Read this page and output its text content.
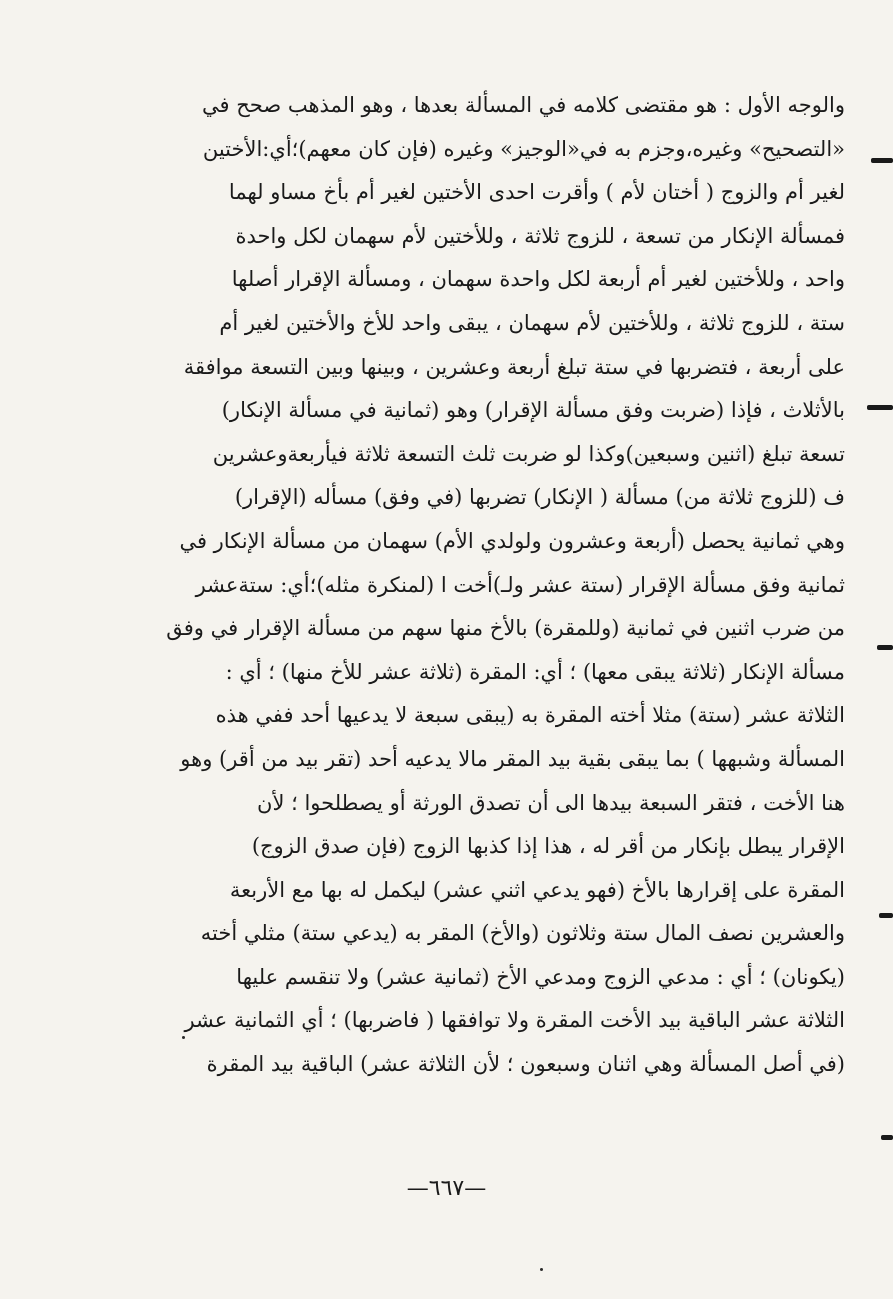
والوجه الأول : هو مقتضى كلامه في المسألة بعدها ، وهو المذهب صحح في
«التصحيح» وغيره،وجزم به في«الوجيز» وغيره (فإن كان معهم)؛أي:الأختين
لغير أم والزوج ( أختان لأم ) وأقرت احدى الأختين لغير أم بأخ مساو لهما
فمسألة الإنكار من تسعة ، للزوج ثلاثة ، وللأختين لأم سهمان لكل واحدة
واحد ، وللأختين لغير أم أربعة لكل واحدة سهمان ، ومسألة الإقرار أصلها
ستة ، للزوج ثلاثة ، وللأختين لأم سهمان ، يبقى واحد للأخ والأختين لغير أم
على أربعة ، فتضربها في ستة تبلغ أربعة وعشرين ، وبينها وبين التسعة موافقة
بالأثلاث ، فإذا (ضربت وفق مسألة الإقرار) وهو (ثمانية في مسألة الإنكار)
تسعة تبلغ (اثنين وسبعين)وكذا لو ضربت ثلث التسعة ثلاثة فيأربعةوعشرين
ف (للزوج ثلاثة من) مسألة ( الإنكار) تضربها (في وفق) مسأله (الإقرار)
وهي ثمانية يحصل (أربعة وعشرون ولولدي الأم) سهمان من مسألة الإنكار في
ثمانية وفق مسألة الإقرار (ستة عشر ولـ)أخت ا (لمنكرة مثله)؛أي: ستةعشر
من ضرب اثنين في ثمانية (وللمقرة) بالأخ منها سهم من مسألة الإقرار في وفق
مسألة الإنكار (ثلاثة يبقى معها) ؛ أي: المقرة (ثلاثة عشر للأخ منها) ؛ أي :
الثلاثة عشر (ستة) مثلا أخته المقرة به (يبقى سبعة لا يدعيها أحد ففي هذه
المسألة وشبهها ) بما يبقى بقية بيد المقر مالا يدعيه أحد (تقر بيد من أقر) وهو
هنا الأخت ، فتقر السبعة بيدها الى أن تصدق الورثة أو يصطلحوا ؛ لأن
الإقرار يبطل بإنكار من أقر له ، هذا إذا كذبها الزوج (فإن صدق الزوج)
المقرة على إقرارها بالأخ (فهو يدعي اثني عشر) ليكمل له بها مع الأربعة
والعشرين نصف المال ستة وثلاثون (والأخ) المقر به (يدعي ستة) مثلي أخته
(يكونان) ؛ أي : مدعي الزوج ومدعي الأخ (ثمانية عشر) ولا تنقسم عليها
الثلاثة عشر الباقية بيد الأخت المقرة ولا توافقها ( فاضربها) ؛ أي الثمانية عشر
(في أصل المسألة وهي اثنان وسبعون ؛ لأن الثلاثة عشر) الباقية بيد المقرة
—٦٦٧—
